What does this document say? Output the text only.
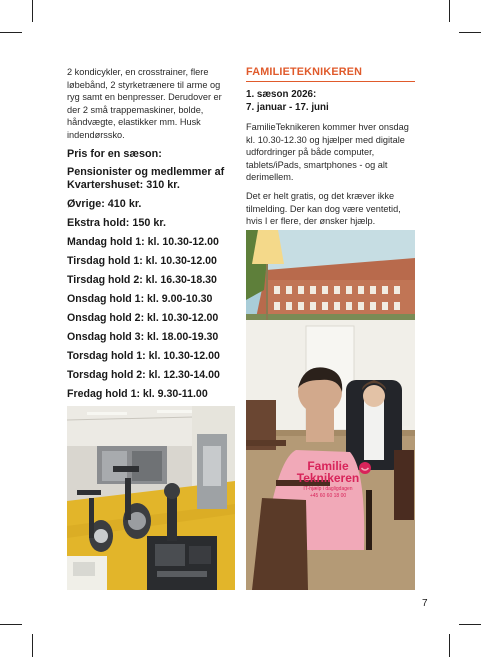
2 kondicykler, en crosstrainer, flere løbebånd, 2 styrketrænere til arme og ryg samt en benpresser. Derudover er der 2 små trappemaskiner, bolde, håndvægte, elastikker mm. Husk indendørssko.

Pris for en sæson:

Pensionister og medlemmer af Kvartershuset: 310 kr.

Øvrige: 410 kr.

Ekstra hold: 150 kr.

Mandag hold 1: kl. 10.30-12.00

Tirsdag hold 1: kl. 10.30-12.00

Tirsdag hold 2: kl. 16.30-18.30

Onsdag hold 1: kl. 9.00-10.30

Onsdag hold 2: kl. 10.30-12.00

Onsdag hold 3: kl. 18.00-19.30

Torsdag hold 1: kl. 10.30-12.00

Torsdag hold 2: kl. 12.30-14.00

Fredag hold 1: kl. 9.30-11.00

FAMILIETEKNIKEREN
1. sæson 2026:
7. januar - 17. juni
FamilieTeknikeren kommer hver onsdag kl. 10.30-12.30 og hjælper med digitale udfordringer på både computer, tablets/iPads, smartphones - og alt derimellem.
Det er helt gratis, og det kræver ikke tilmelding. Der kan dog være ventetid, hvis I er flere, der ønsker hjælp.
Familie
Teknikeren
IT-hjælp i dagligdagen
+45 60 60 18 00
7
